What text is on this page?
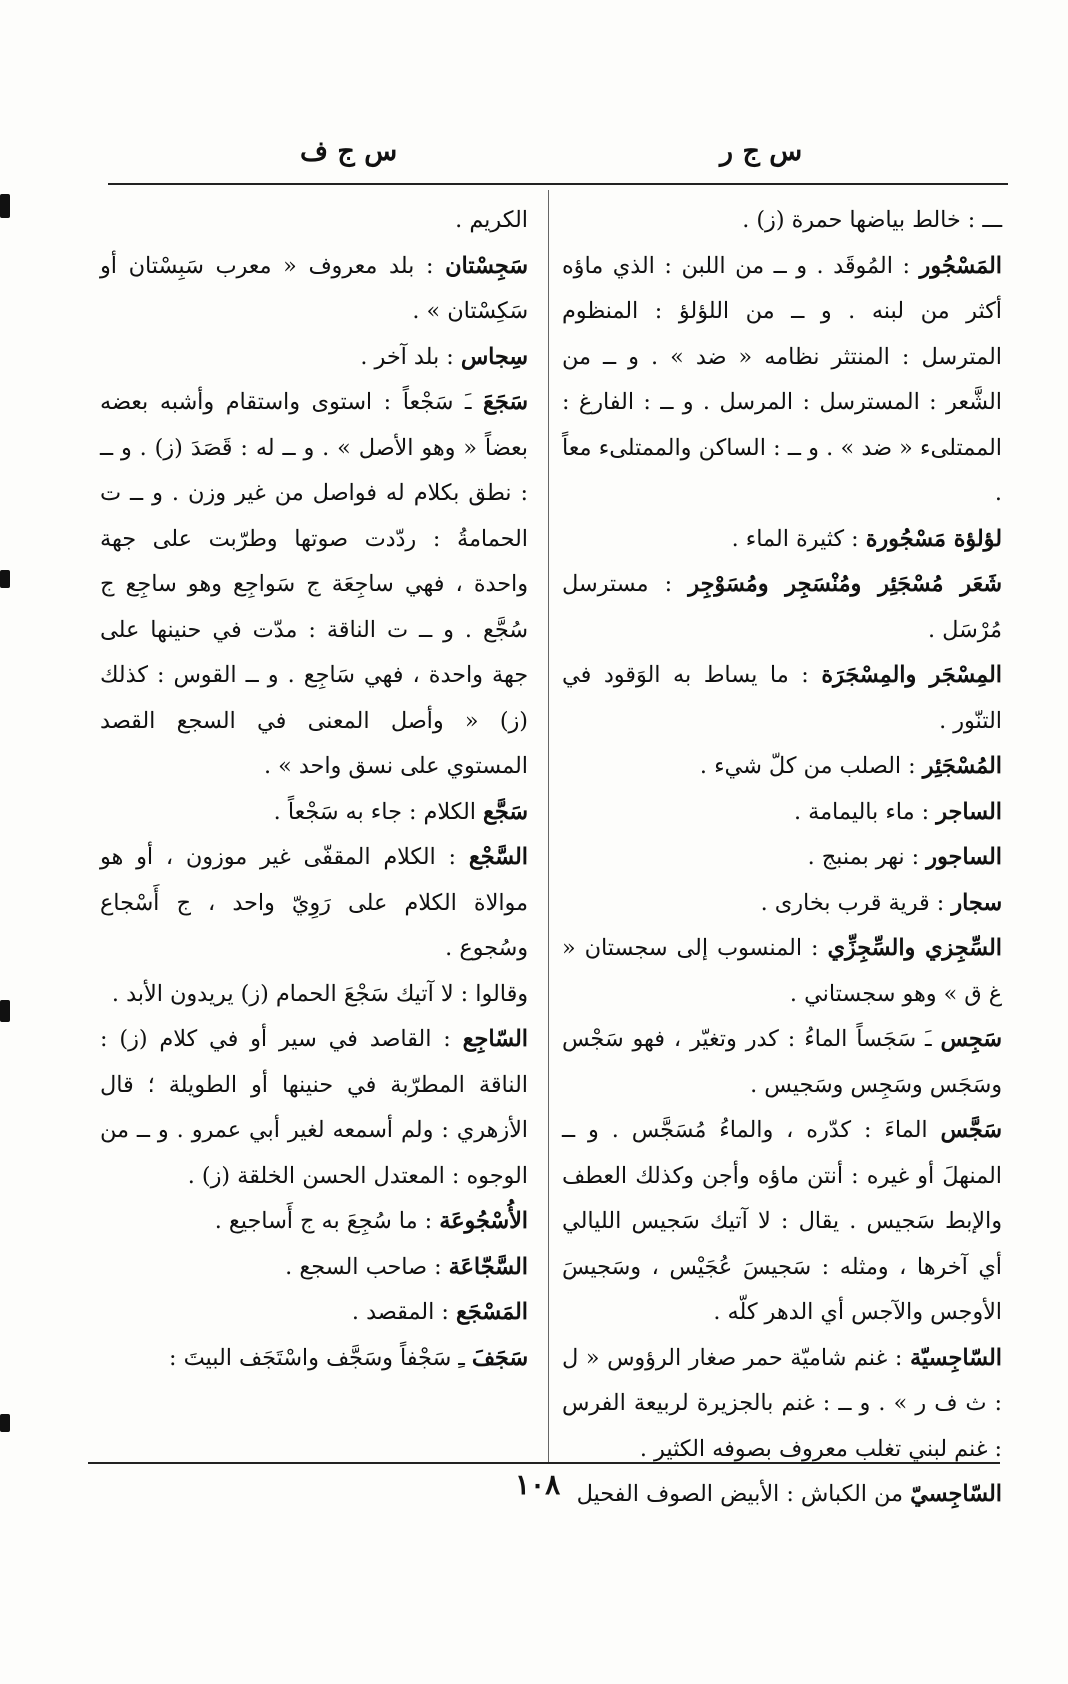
س ج ر
س ج ف

ـــ : خالط بياضها حمرة (ز) .

المَسْجُور : المُوقَد . و ــ من اللبن : الذي ماؤه أكثر من لبنه . و ــ من اللؤلؤ : المنظوم المترسل : المنتثر نظامه « ضد » . و ــ من الشَّعر : المسترسل : المرسل . و ــ : الفارغ : الممتلىء « ضد » . و ــ : الساكن والممتلىء معاً .

لؤلؤة مَسْجُورة : كثيرة الماء .

شَعَر مُسْجَئِر ومُنْسَجِر ومُسَوْجِر : مسترسل مُرْسَل .

المِسْجَر والمِسْجَرَة : ما يساط به الوَقود في التنّور .

المُسْجَئِر : الصلب من كلّ شيء .

الساجر : ماء باليمامة .

الساجور : نهر بمنبج .

سجار : قرية قرب بخارى .

السِّجِزي والسِّجِزِّي : المنسوب إلى سجستان « غ ق » وهو سجستاني .

سَجِس ـَ سَجَساً الماءُ : كدر وتغيّر ، فهو سَجْس وسَجَس وسَجِس وسَجيس .

سَجَّس الماءَ : كدّره ، والماءُ مُسَجَّس . و ــ المنهلَ أو غيره : أنتن ماؤه وأجن وكذلك العطف والإبط سَجيس . يقال : لا آتيك سَجيس الليالي أي آخرها ، ومثله : سَجيسَ عُجَيْس ، وسَجيسَ الأوجس والآجس أي الدهر كلّه .

السّاجِسيّة : غنم شاميّة حمر صغار الرؤوس « ل : ث ف ر » . و ــ : غنم بالجزيرة لربيعة الفرس : غنم لبني تغلب معروف بصوفه الكثير .

السّاجِسيّ من الكباش : الأبيض الصوف الفحيل

الكريم .

سَجِسْتان : بلد معروف « معرب سَبِسْتان أو سَكِسْتان » .

سِجاس : بلد آخر .

سَجَعَ ـَ سَجْعاً : استوى واستقام وأشبه بعضه بعضاً « وهو الأصل » . و ــ له : قَصَدَ (ز) . و ــ : نطق بكلام له فواصل من غير وزن . و ــ ت الحمامةُ : ردّدت صوتها وطرّبت على جهة واحدة ، فهي ساجِعَة ج سَواجِع وهو ساجِع ج سُجَّع . و ــ ت الناقة : مدّت في حنينها على جهة واحدة ، فهي سَاجِع . و ــ القوس : كذلك (ز) « وأصل المعنى في السجع القصد المستوي على نسق واحد » .

سَجَّع الكلام : جاء به سَجْعاً .

السَّجْع : الكلام المقفّى غير موزون ، أو هو موالاة الكلام على رَوِيّ واحد ، ج أَسْجاع وسُجوع .

وقالوا : لا آتيك سَجْعَ الحمام (ز) يريدون الأبد .

السّاجِع : القاصد في سير أو في كلام (ز) : الناقة المطرّبة في حنينها أو الطويلة ؛ قال الأزهري : ولم أسمعه لغير أبي عمرو . و ــ من الوجوه : المعتدل الحسن الخلقة (ز) .

الأُسْجُوعَة : ما سُجِعَ به ج أَساجيع .

السَّجّاعَة : صاحب السجع .

المَسْجَع : المقصد .

سَجَفَ ـِ سَجْفاً وسَجَّف واسْتَجَف البيتَ :

١٠٨
